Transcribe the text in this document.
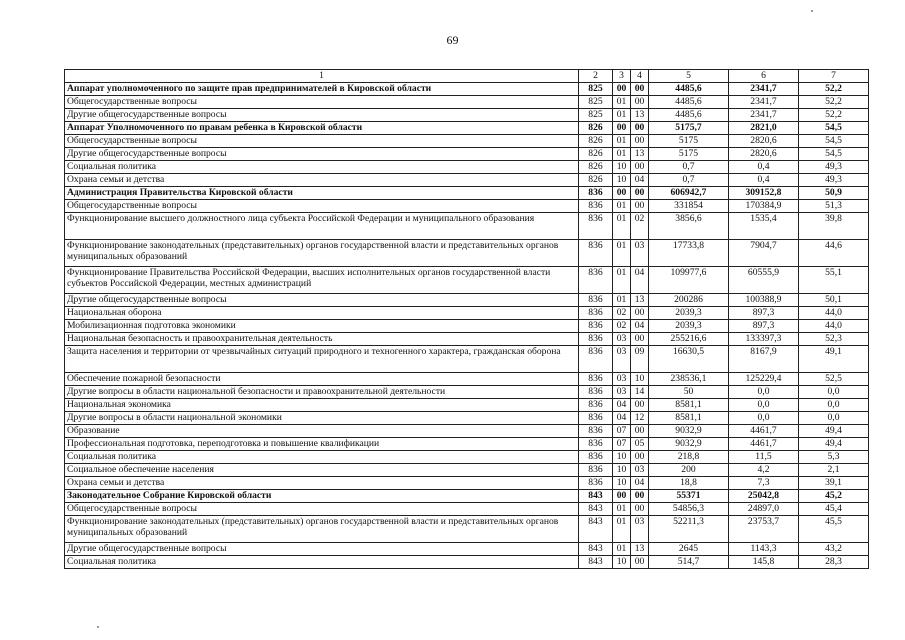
69
1	2	3	4	5	6	7
Аппарат уполномоченного по защите прав предпринимателей в Кировской области	825	00	00	4485,6	2341,7	52,2
Общегосударственные вопросы	825	01	00	4485,6	2341,7	52,2
Другие общегосударственные вопросы	825	01	13	4485,6	2341,7	52,2
Аппарат Уполномоченного по правам ребенка в Кировской области	826	00	00	5175,7	2821,0	54,5
Общегосударственные вопросы	826	01	00	5175	2820,6	54,5
Другие общегосударственные вопросы	826	01	13	5175	2820,6	54,5
Социальная политика	826	10	00	0,7	0,4	49,3
Охрана семьи и детства	826	10	04	0,7	0,4	49,3
Администрация Правительства Кировской области	836	00	00	606942,7	309152,8	50,9
Общегосударственные вопросы	836	01	00	331854	170384,9	51,3
Функционирование высшего должностного лица субъекта Российской Федерации и муниципального образования	836	01	02	3856,6	1535,4	39,8
Функционирование законодательных (представительных) органов государственной власти и представительных органов муниципальных образований	836	01	03	17733,8	7904,7	44,6
Функционирование Правительства Российской Федерации, высших исполнительных органов государственной власти субъектов Российской Федерации, местных администраций	836	01	04	109977,6	60555,9	55,1
Другие общегосударственные вопросы	836	01	13	200286	100388,9	50,1
Национальная оборона	836	02	00	2039,3	897,3	44,0
Мобилизационная подготовка экономики	836	02	04	2039,3	897,3	44,0
Национальная безопасность и правоохранительная деятельность	836	03	00	255216,6	133397,3	52,3
Защита населения и территории от чрезвычайных ситуаций природного и техногенного характера, гражданская оборона	836	03	09	16630,5	8167,9	49,1
Обеспечение пожарной безопасности	836	03	10	238536,1	125229,4	52,5
Другие вопросы в области национальной безопасности и правоохранительной деятельности	836	03	14	50	0,0	0,0
Национальная экономика	836	04	00	8581,1	0,0	0,0
Другие вопросы в области национальной экономики	836	04	12	8581,1	0,0	0,0
Образование	836	07	00	9032,9	4461,7	49,4
Профессиональная подготовка, переподготовка и повышение квалификации	836	07	05	9032,9	4461,7	49,4
Социальная политика	836	10	00	218,8	11,5	5,3
Социальное обеспечение населения	836	10	03	200	4,2	2,1
Охрана семьи и детства	836	10	04	18,8	7,3	39,1
Законодательное Собрание Кировской области	843	00	00	55371	25042,8	45,2
Общегосударственные вопросы	843	01	00	54856,3	24897,0	45,4
Функционирование законодательных (представительных) органов государственной власти и представительных органов муниципальных образований	843	01	03	52211,3	23753,7	45,5
Другие общегосударственные вопросы	843	01	13	2645	1143,3	43,2
Социальная политика	843	10	00	514,7	145,8	28,3
